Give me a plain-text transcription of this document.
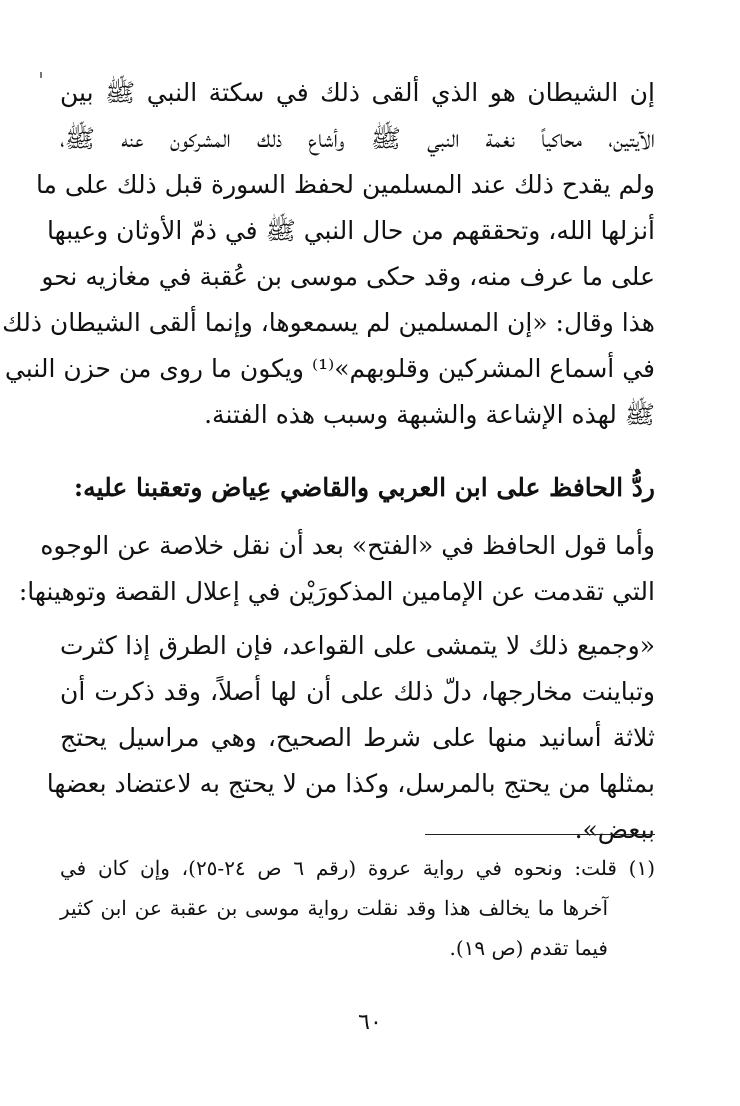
إن الشيطان هو الذي ألقى ذلك في سكتة النبي ﷺ بين
الآيتين، محاكياً نغمة النبي ﷺ وأشاع ذلك المشركون عنه ﷺ،
ولم يقدح ذلك عند المسلمين لحفظ السورة قبل ذلك على ما
أنزلها الله، وتحققهم من حال النبي ﷺ في ذمّ الأوثان وعيبها
على ما عرف منه، وقد حكى موسى بن عُقبة في مغازيه نحو
هذا وقال: «إن المسلمين لم يسمعوها، وإنما ألقى الشيطان ذلك
في أسماع المشركين وقلوبهم»⁽¹⁾ ويكون ما روى من حزن النبي
ﷺ لهذه الإشاعة والشبهة وسبب هذه الفتنة.

ردُّ الحافظ على ابن العربي والقاضي عِياض وتعقبنا عليه:

وأما قول الحافظ في «الفتح» بعد أن نقل خلاصة عن الوجوه
التي تقدمت عن الإمامين المذكورَيْن في إعلال القصة وتوهينها:

«وجميع ذلك لا يتمشى على القواعد، فإن الطرق إذا كثرت
وتباينت مخارجها، دلّ ذلك على أن لها أصلاً، وقد ذكرت أن
ثلاثة أسانيد منها على شرط الصحيح، وهي مراسيل يحتج
بمثلها من يحتج بالمرسل، وكذا من لا يحتج به لاعتضاد بعضها
ببعض».

(١) قلت: ونحوه في رواية عروة (رقم ٦ ص ٢٤-٢٥)، وإن كان في
آخرها ما يخالف هذا وقد نقلت رواية موسى بن عقبة عن ابن كثير
فيما تقدم (ص ١٩).
٦٠
